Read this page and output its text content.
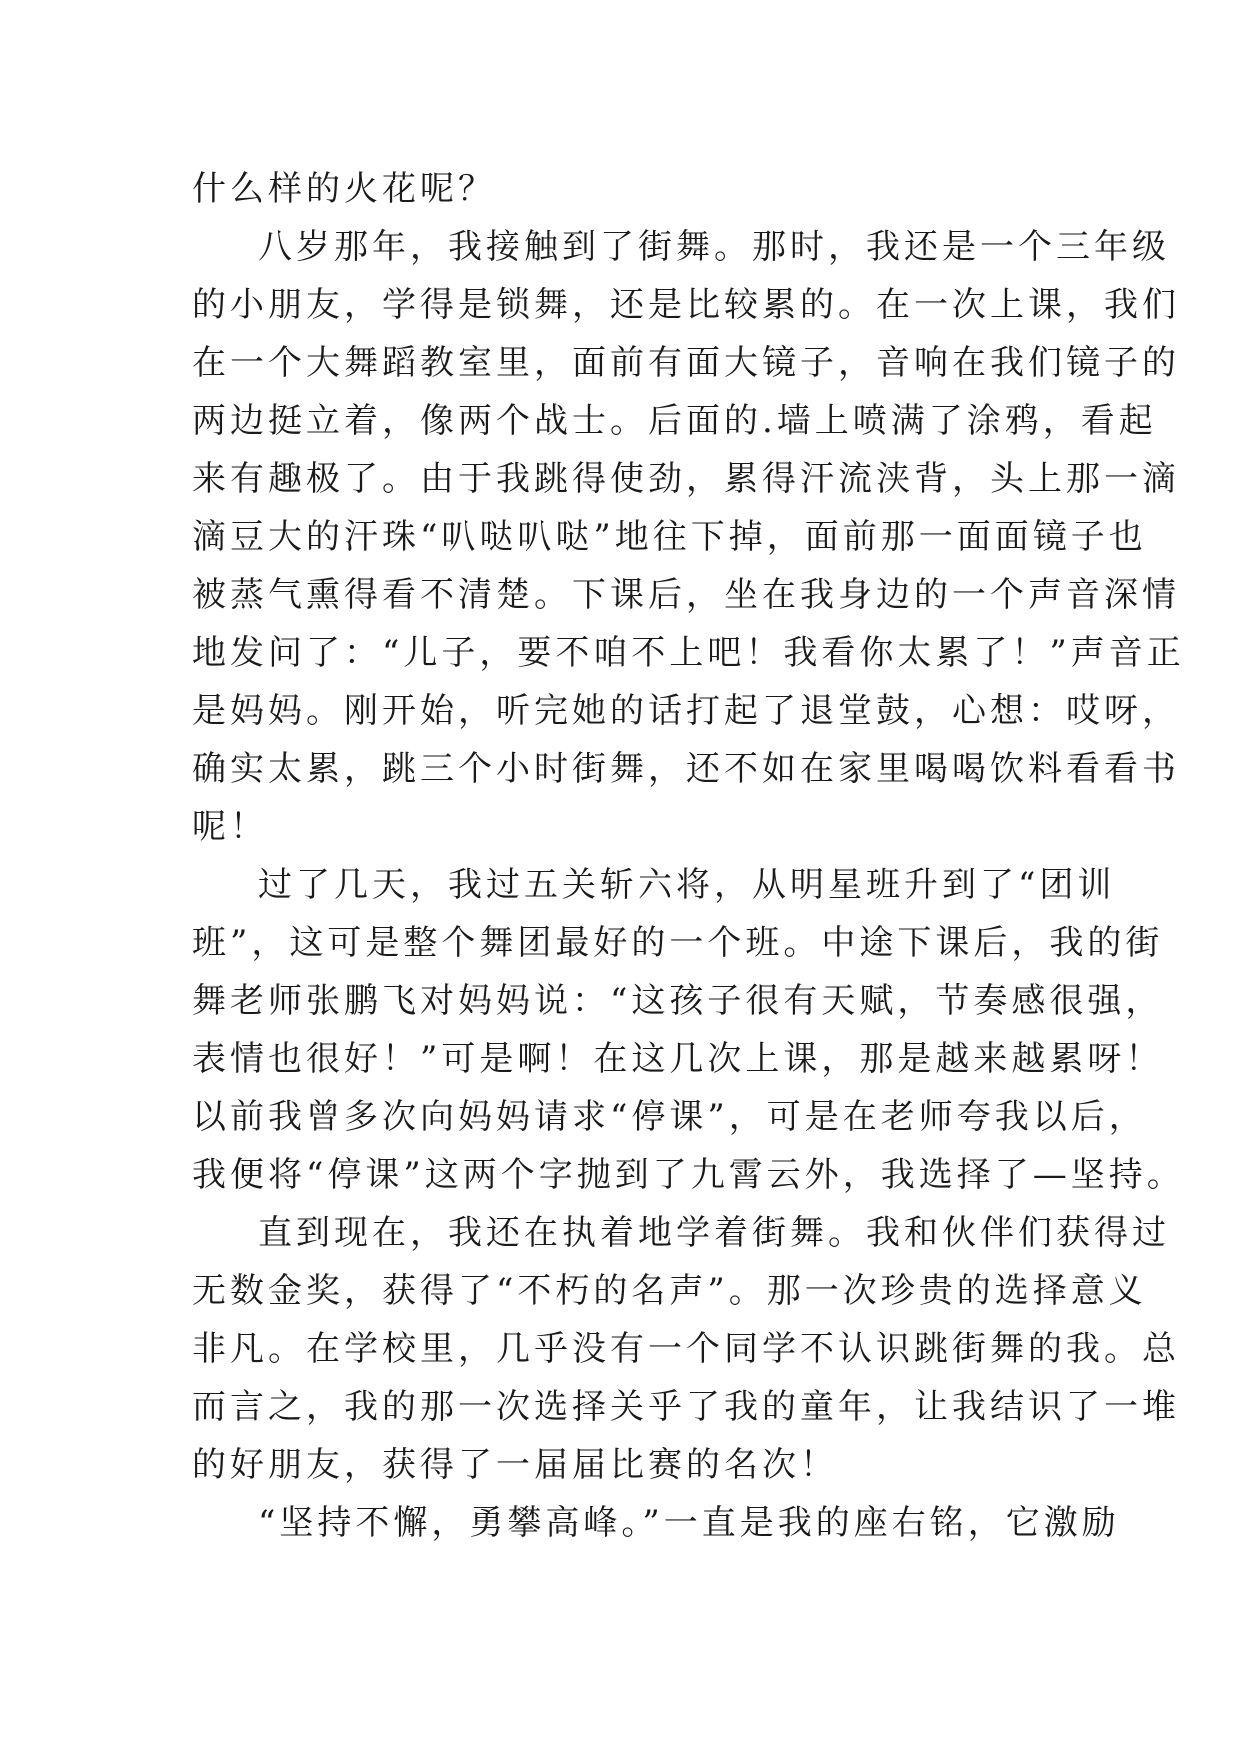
什么样的火花呢？
八岁那年，我接触到了街舞。那时，我还是一个三年级
的小朋友，学得是锁舞，还是比较累的。在一次上课，我们
在一个大舞蹈教室里，面前有面大镜子，音响在我们镜子的
两边挺立着，像两个战士。后面的.墙上喷满了涂鸦，看起
来有趣极了。由于我跳得使劲，累得汗流浃背，头上那一滴
滴豆大的汗珠“叭哒叭哒”地往下掉，面前那一面面镜子也
被蒸气熏得看不清楚。下课后，坐在我身边的一个声音深情
地发问了：“儿子，要不咱不上吧！我看你太累了！”声音正
是妈妈。刚开始，听完她的话打起了退堂鼓，心想：哎呀，
确实太累，跳三个小时街舞，还不如在家里喝喝饮料看看书
呢！
过了几天，我过五关斩六将，从明星班升到了“团训
班”，这可是整个舞团最好的一个班。中途下课后，我的街
舞老师张鹏飞对妈妈说：“这孩子很有天赋，节奏感很强，
表情也很好！”可是啊！在这几次上课，那是越来越累呀！
以前我曾多次向妈妈请求“停课”，可是在老师夸我以后，
我便将“停课”这两个字抛到了九霄云外，我选择了—坚持。
直到现在，我还在执着地学着街舞。我和伙伴们获得过
无数金奖，获得了“不朽的名声”。那一次珍贵的选择意义
非凡。在学校里，几乎没有一个同学不认识跳街舞的我。总
而言之，我的那一次选择关乎了我的童年，让我结识了一堆
的好朋友，获得了一届届比赛的名次！
“坚持不懈，勇攀高峰。”一直是我的座右铭，它激励
